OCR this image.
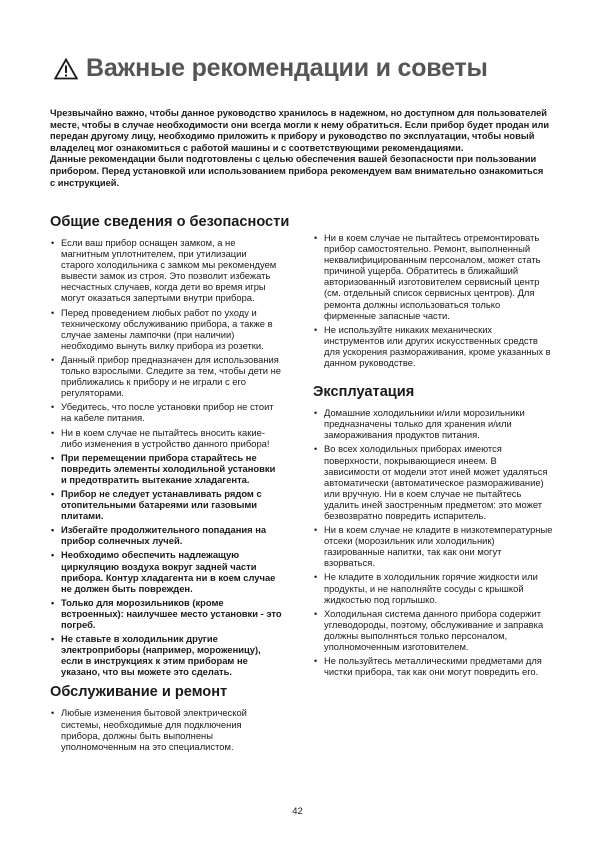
Важные рекомендации и советы

Чрезвычайно важно, чтобы данное руководство хранилось в надежном, но доступном для пользователей месте, чтобы в случае необходимости они всегда могли к нему обратиться. Если прибор будет продан или передан другому лицу, необходимо приложить к прибору и руководство по эксплуатации, чтобы новый владелец мог ознакомиться с работой машины и с соответствующими рекомендациями.

Данные рекомендации были подготовлены с целью обеспечения вашей безопасности при пользовании прибором. Перед установкой или использованием прибора рекомендуем вам внимательно ознакомиться с инструкцией.

Общие сведения о безопасности
• Если ваш прибор оснащен замком, а не магнитным уплотнителем, при утилизации старого холодильника с замком мы рекомендуем вывести замок из строя. Это позволит избежать несчастных случаев, когда дети во время игры могут оказаться запертыми внутри прибора.
• Перед проведением любых работ по уходу и техническому обслуживанию прибора, а также в случае замены лампочки (при наличии) необходимо вынуть вилку прибора из розетки.
• Данный прибор предназначен для использования только взрослыми. Следите за тем, чтобы дети не приближались к прибору и не играли с его регуляторами.
• Убедитесь, что после установки прибор не стоит на кабеле питания.
• Ни в коем случае не пытайтесь вносить какие-либо изменения в устройство данного прибора!
• При перемещении прибора старайтесь не повредить элементы холодильной установки и предотвратить вытекание хладагента.
• Прибор не следует устанавливать рядом с отопительными батареями или газовыми плитами.
• Избегайте продолжительного попадания на прибор солнечных лучей.
• Необходимо обеспечить надлежащую циркуляцию воздуха вокруг задней части прибора. Контур хладагента ни в коем случае не должен быть поврежден.
• Только для морозильников (кроме встроенных): наилучшее место установки - это погреб.
• Не ставьте в холодильник другие электроприборы (например, мороженицу), если в инструкциях к этим приборам не указано, что вы можете это сделать.
Обслуживание и ремонт
• Любые изменения бытовой электрической системы, необходимые для подключения прибора, должны быть выполнены уполномоченным на это специалистом.
• Ни в коем случае не пытайтесь отремонтировать прибор самостоятельно. Ремонт, выполненный неквалифицированным персоналом, может стать причиной ущерба. Обратитесь в ближайший авторизованный изготовителем сервисный центр (см. отдельный список сервисных центров). Для ремонта должны использоваться только фирменные запасные части.
• Не используйте никаких механических инструментов или других искусственных средств для ускорения размораживания, кроме указанных в данном руководстве.
Эксплуатация
• Домашние холодильники и/или морозильники предназначены только для хранения и/или замораживания продуктов питания.
• Во всех холодильных приборах имеются поверхности, покрывающиеся инеем. В зависимости от модели этот иней может удаляться автоматически (автоматическое размораживание) или вручную. Ни в коем случае не пытайтесь удалить иней заостренным предметом: это может безвозвратно повредить испаритель.
• Ни в коем случае не кладите в низкотемпературные отсеки (морозильник или холодильник) газированные напитки, так как они могут взорваться.
• Не кладите в холодильник горячие жидкости или продукты, и не наполняйте сосуды с крышкой жидкостью под горлышко.
• Холодильная система данного прибора содержит углеводороды, поэтому, обслуживание и заправка должны выполняться только персоналом, уполномоченным изготовителем.
• Не пользуйтесь металлическими предметами для чистки прибора, так как они могут повредить его.
42
